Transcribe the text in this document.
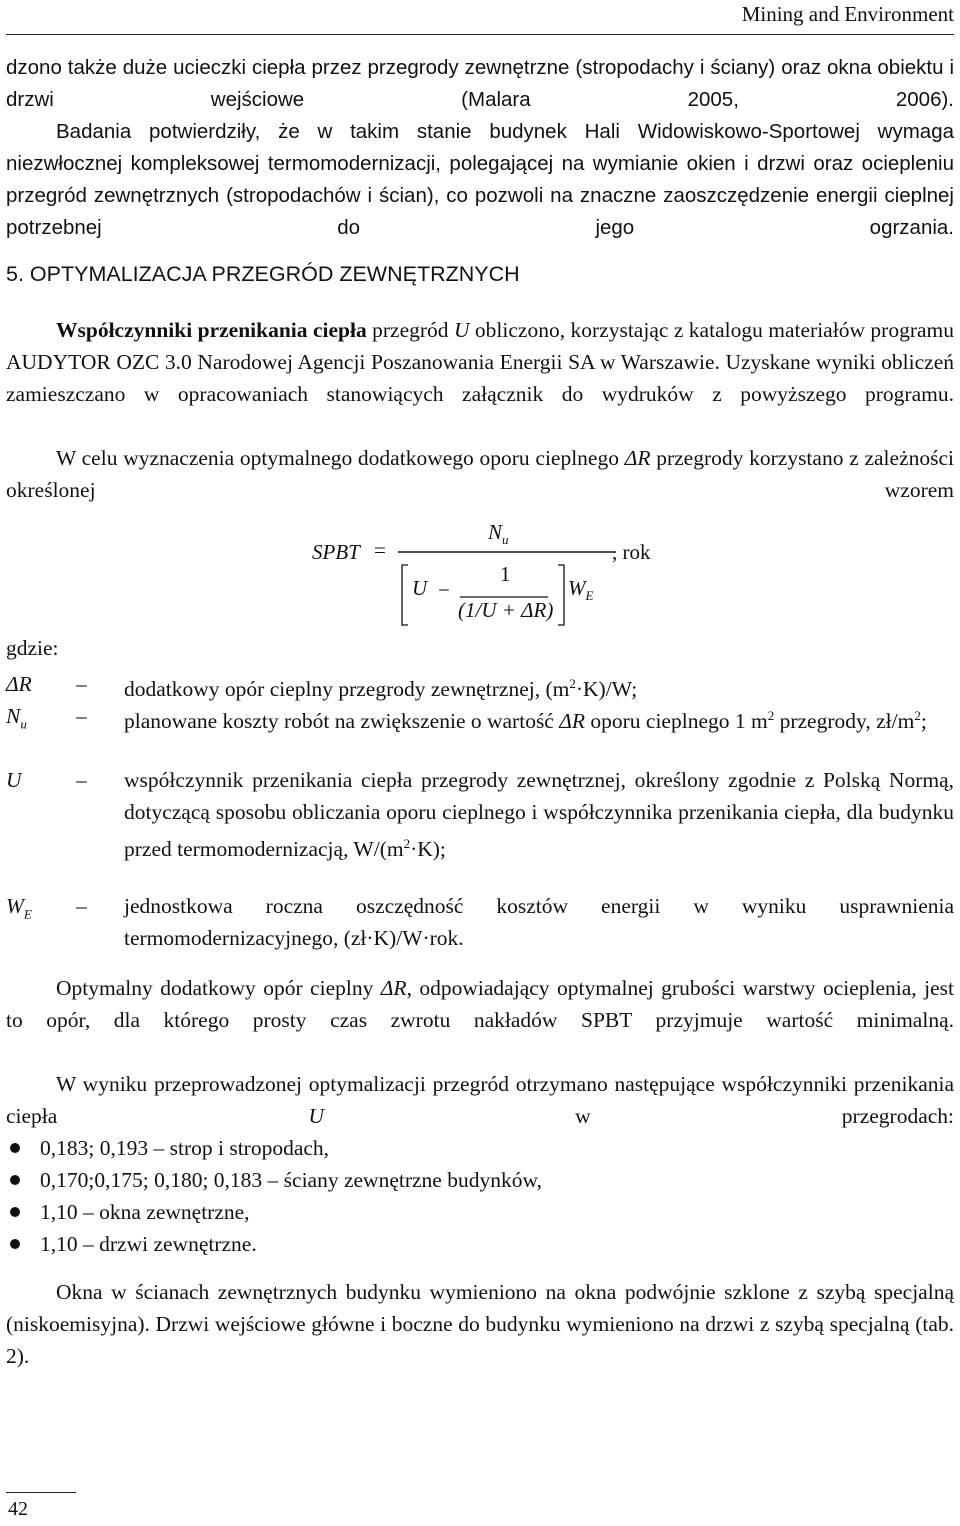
Mining and Environment

dzono także duże ucieczki ciepła przez przegrody zewnętrzne (stropodachy i ściany) oraz okna obiektu i drzwi wejściowe (Malara 2005, 2006).

Badania potwierdziły, że w takim stanie budynek Hali Widowiskowo-Sportowej wymaga niezwłocznej kompleksowej termomodernizacji, polegającej na wymianie okien i drzwi oraz ociepleniu przegród zewnętrznych (stropodachów i ścian), co pozwoli na znaczne zaoszczędzenie energii cieplnej potrzebnej do jego ogrzania.

5. OPTYMALIZACJA PRZEGRÓD ZEWNĘTRZNYCH

Współczynniki przenikania ciepła przegród U obliczono, korzystając z katalogu materiałów programu AUDYTOR OZC 3.0 Narodowej Agencji Poszanowania Energii SA w Warszawie. Uzyskane wyniki obliczeń zamieszczano w opracowaniach stanowiących załącznik do wydruków z powyższego programu.

W celu wyznaczenia optymalnego dodatkowego oporu cieplnego ΔR przegrody korzystano z zależności określonej wzorem

SPBT =
$N_u$
U −
1
(1/U + ΔR)
$W_E$
, rok
gdzie:
ΔR	– dodatkowy opór cieplny przegrody zewnętrznej, $(m^2\cdot K)/W$;
$N_u$	– planowane koszty robót na zwiększenie o wartość ΔR oporu cieplnego 1 $m^2$ przegrody, $zł/m^2$;
U	– współczynnik przenikania ciepła przegrody zewnętrznej, określony zgodnie z Polską Normą, dotyczącą sposobu obliczania oporu cieplnego i współczynnika przenikania ciepła, dla budynku przed termomodernizacją, $W/(m^2\cdot K)$;
$W_E$	– jednostkowa roczna oszczędność kosztów energii w wyniku usprawnienia termomodernizacyjnego, (zł·K)/W·rok.

Optymalny dodatkowy opór cieplny ΔR, odpowiadający optymalnej grubości warstwy ocieplenia, jest to opór, dla którego prosty czas zwrotu nakładów SPBT przyjmuje wartość minimalną.

W wyniku przeprowadzonej optymalizacji przegród otrzymano następujące współczynniki przenikania ciepła U w przegrodach:

0,183; 0,193 – strop i stropodach,
0,170;0,175; 0,180; 0,183 – ściany zewnętrzne budynków,
1,10 – okna zewnętrzne,
1,10 – drzwi zewnętrzne.

Okna w ścianach zewnętrznych budynku wymieniono na okna podwójnie szklone z szybą specjalną (niskoemisyjna). Drzwi wejściowe główne i boczne do budynku wymieniono na drzwi z szybą specjalną (tab. 2).

42
